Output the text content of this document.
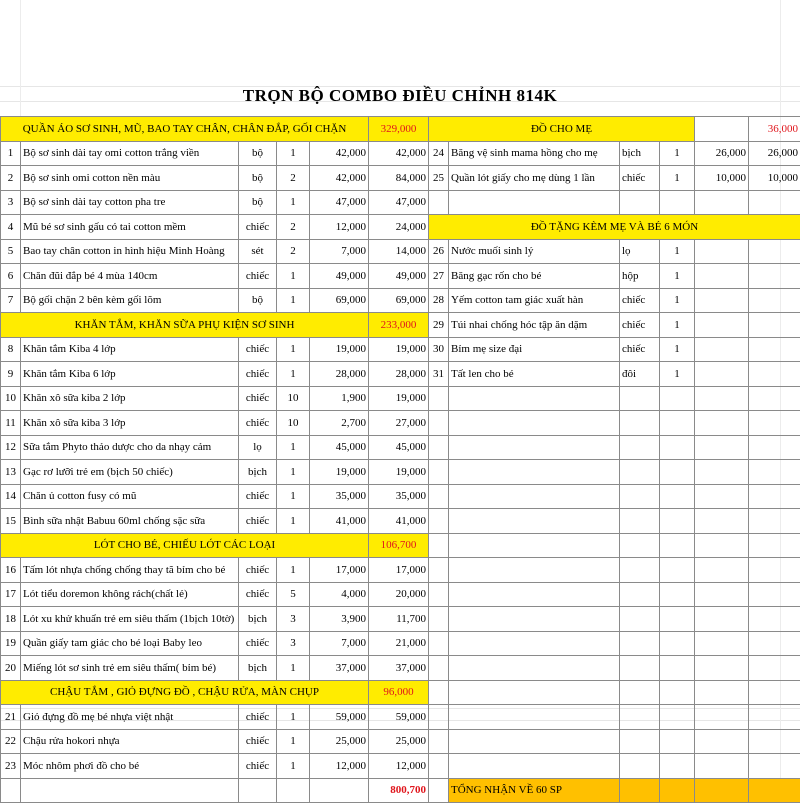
TRỌN BỘ COMBO ĐIỀU CHỈNH 814K
QUẦN ÁO SƠ SINH, MŨ, BAO TAY CHÂN, CHÂN ĐẮP, GỐI CHẶN					329,000
1	Bộ sơ sinh dài tay omi cotton trắng viền	bộ	1	42,000	42,000
2	Bộ sơ sinh omi cotton nền màu	bộ	2	42,000	84,000
3	Bộ sơ sinh dài tay cotton pha tre	bộ	1	47,000	47,000
4	Mũ bé sơ sinh gấu có tai cotton mềm	chiếc	2	12,000	24,000
5	Bao tay chân cotton in hình hiệu Minh Hoàng	sét	2	7,000	14,000
6	Chăn đũi đắp bé 4 mùa 140cm	chiếc	1	49,000	49,000
7	Bộ gối chặn 2 bên kèm gối lõm	bộ	1	69,000	69,000
KHĂN TẮM, KHĂN SỮA PHỤ KIỆN SƠ SINH					233,000
8	Khăn tắm Kiba 4 lớp	chiếc	1	19,000	19,000
9	Khăn tắm Kiba 6 lớp	chiếc	1	28,000	28,000
10	Khăn xô sữa kiba 2 lớp	chiếc	10	1,900	19,000
11	Khăn xô sữa kiba 3 lớp	chiếc	10	2,700	27,000
12	Sữa tắm Phyto thảo dược cho da nhạy cảm	lọ	1	45,000	45,000
13	Gạc rơ lưỡi trẻ em (bịch 50 chiếc)	bịch	1	19,000	19,000
14	Chăn ủ cotton fusy có mũ	chiếc	1	35,000	35,000
15	Bình sữa nhật Babuu 60ml chống sặc sữa	chiếc	1	41,000	41,000
LÓT CHO BÉ, CHIẾU LÓT CÁC LOẠI					106,700
16	Tấm lót nhựa chống chống thay tã bỉm cho bé	chiếc	1	17,000	17,000
17	Lót tiểu doremon không rách(chất lẻ)	chiếc	5	4,000	20,000
18	Lót xu khử khuẩn trẻ em siêu thấm (1bịch 10tờ)	bịch	3	3,900	11,700
19	Quần giấy tam giác cho bé loại Baby leo	chiếc	3	7,000	21,000
20	Miếng lót sơ sinh trẻ em siêu thấm( bỉm bé)	bịch	1	37,000	37,000
CHẬU TẮM , GIỎ ĐỰNG ĐỒ , CHẬU RỬA, MÀN CHỤP					96,000
21	Giỏ đựng đồ mẹ bé nhựa việt nhật	chiếc	1	59,000	59,000
22	Chậu rửa hokori nhựa	chiếc	1	25,000	25,000
23	Móc nhôm phơi đồ cho bé	chiếc	1	12,000	12,000
					800,700
ĐỒ CHO MẸ					36,000
24	Băng vệ sinh mama hồng cho mẹ	bịch	1	26,000	26,000
25	Quần lót giấy cho mẹ dùng 1 lần	chiếc	1	10,000	10,000

ĐỒ TẶNG KÈM MẸ VÀ BÉ 6 MÓN					
26	Nước muối sinh lý	lọ	1		
27	Băng gạc rốn cho bé	hộp	1		
28	Yếm cotton tam giác xuất hàn	chiếc	1		
29	Túi nhai chống hóc tập ăn dặm	chiếc	1		
30	Bỉm mẹ size đại	chiếc	1		
31	Tất len cho bé	đôi	1		

	TỔNG NHẬN VỀ 60 SP				
